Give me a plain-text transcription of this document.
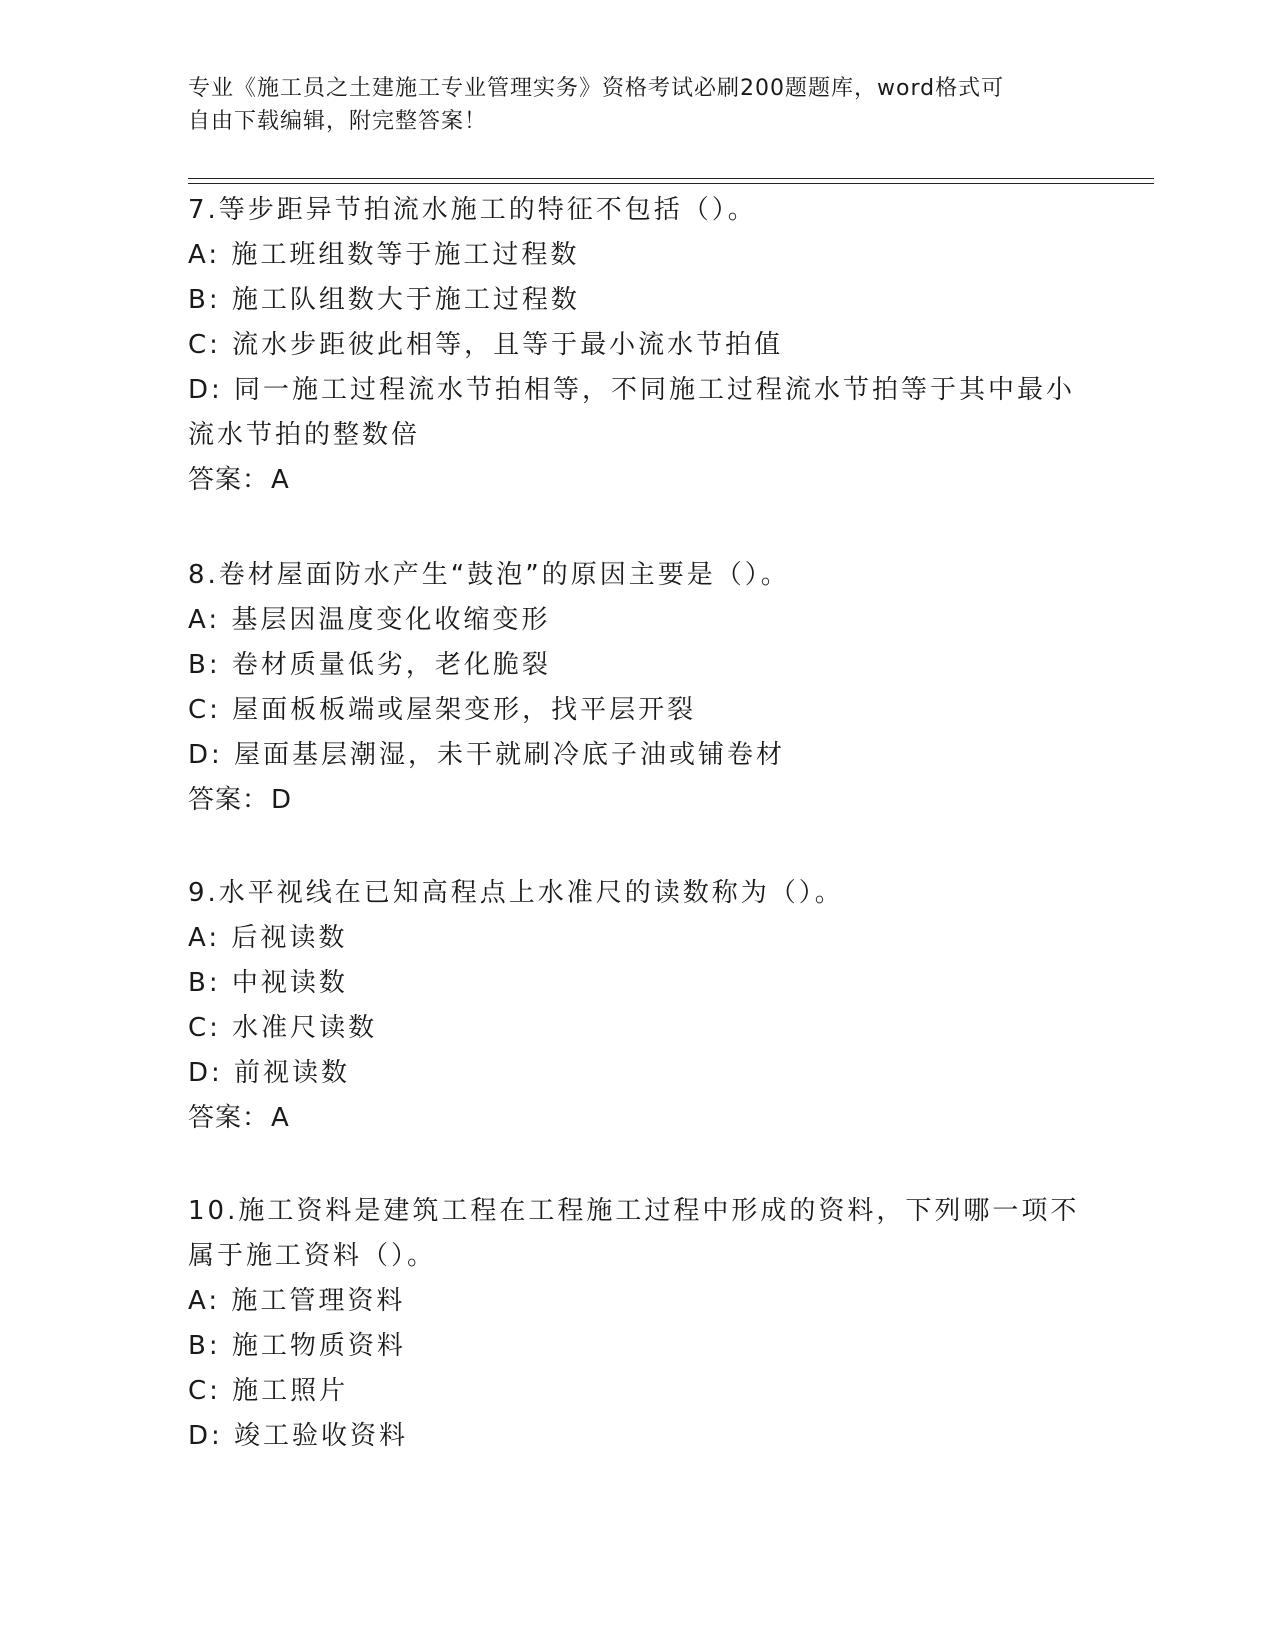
专业《施工员之土建施工专业管理实务》资格考试必刷200题题库，word格式可
自由下载编辑，附完整答案！
7.等步距异节拍流水施工的特征不包括（）。
A: 施工班组数等于施工过程数
B: 施工队组数大于施工过程数
C: 流水步距彼此相等，且等于最小流水节拍值
D: 同一施工过程流水节拍相等，不同施工过程流水节拍等于其中最小
流水节拍的整数倍
答案：A
8.卷材屋面防水产生“鼓泡”的原因主要是（）。
A: 基层因温度变化收缩变形
B: 卷材质量低劣，老化脆裂
C: 屋面板板端或屋架变形，找平层开裂
D: 屋面基层潮湿，未干就刷冷底子油或铺卷材
答案：D
9.水平视线在已知高程点上水准尺的读数称为（）。
A: 后视读数
B: 中视读数
C: 水准尺读数
D: 前视读数
答案：A
10.施工资料是建筑工程在工程施工过程中形成的资料，下列哪一项不
属于施工资料（）。
A: 施工管理资料
B: 施工物质资料
C: 施工照片
D: 竣工验收资料
